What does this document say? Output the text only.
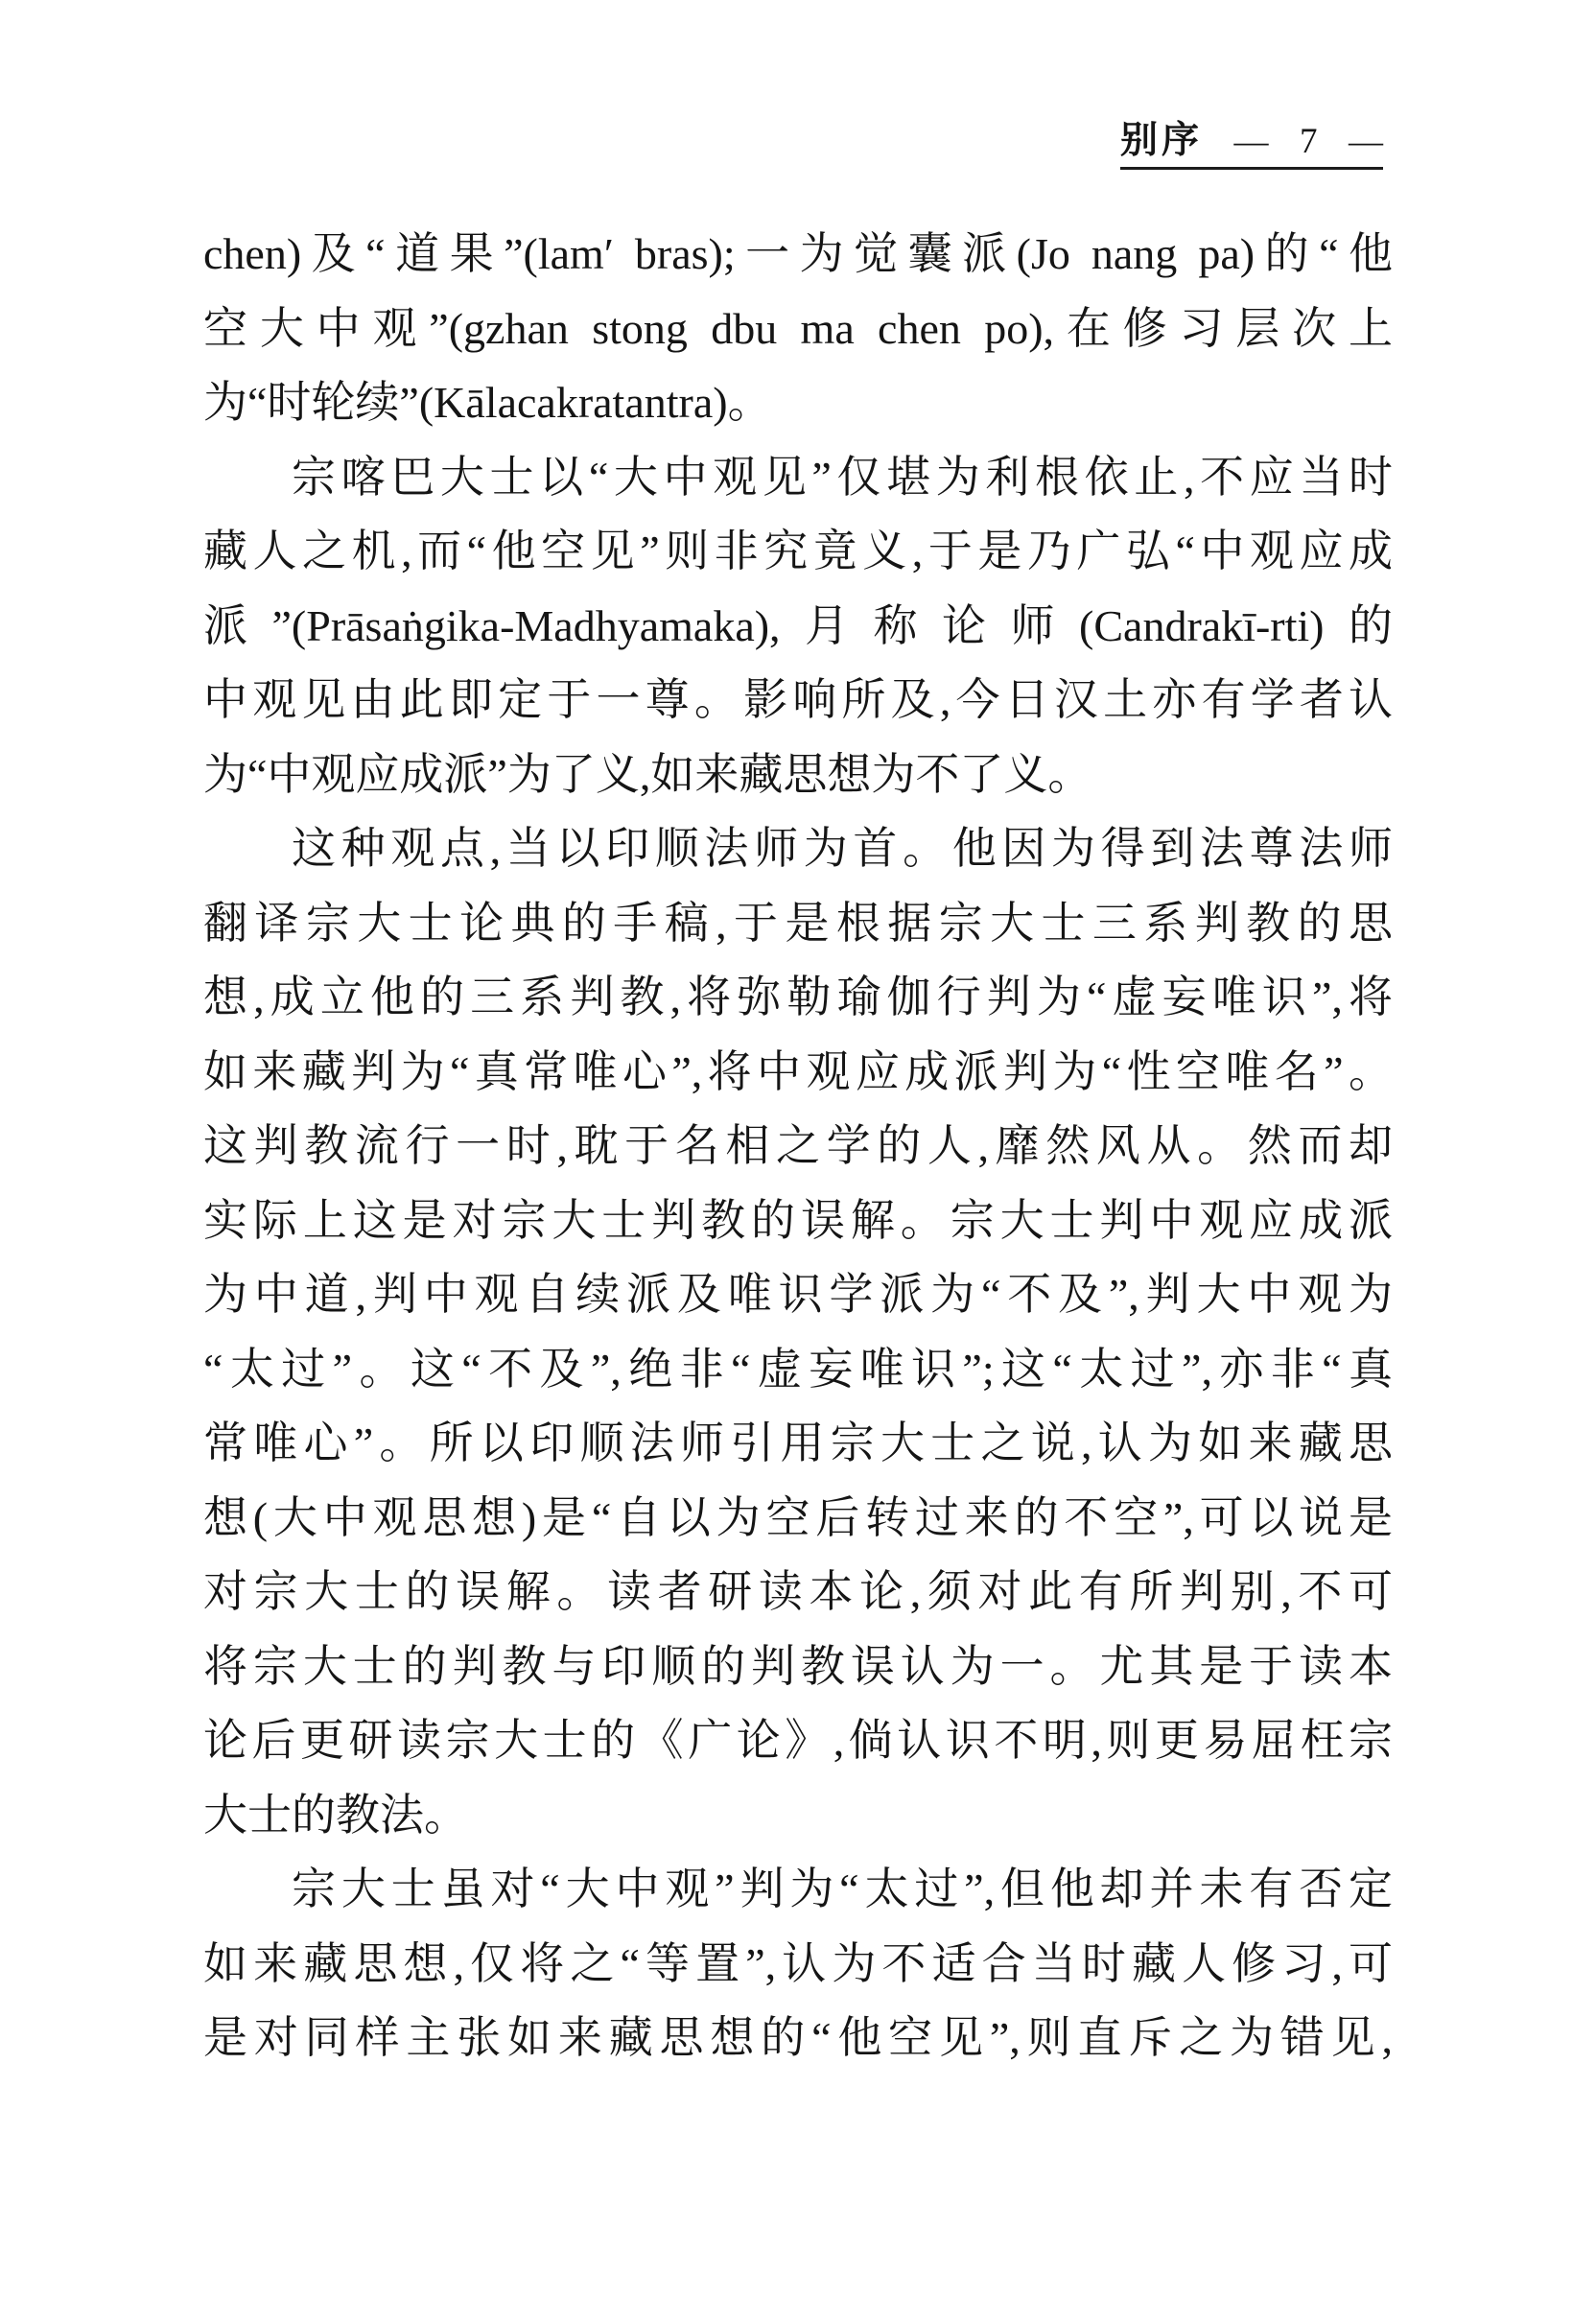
别序 — 7 —
chen)及“道果”(lam′ bras);一为觉囊派(Jo nang pa)的“他
空大中观”(gzhan stong dbu ma chen po),在修习层次上
为“时轮续”(Kālacakratantra)。
宗喀巴大士以“大中观见”仅堪为利根依止,不应当时
藏人之机,而“他空见”则非究竟义,于是乃广弘“中观应成
派”(Prāsaṅgika-Madhyamaka),月称论师(Candrakī-rti)的
中观见由此即定于一尊。影响所及,今日汉土亦有学者认
为“中观应成派”为了义,如来藏思想为不了义。
这种观点,当以印顺法师为首。他因为得到法尊法师
翻译宗大士论典的手稿,于是根据宗大士三系判教的思
想,成立他的三系判教,将弥勒瑜伽行判为“虚妄唯识”,将
如来藏判为“真常唯心”,将中观应成派判为“性空唯名”。
这判教流行一时,耽于名相之学的人,靡然风从。然而却
实际上这是对宗大士判教的误解。宗大士判中观应成派
为中道,判中观自续派及唯识学派为“不及”,判大中观为
“太过”。这“不及”,绝非“虚妄唯识”;这“太过”,亦非“真
常唯心”。所以印顺法师引用宗大士之说,认为如来藏思
想(大中观思想)是“自以为空后转过来的不空”,可以说是
对宗大士的误解。读者研读本论,须对此有所判别,不可
将宗大士的判教与印顺的判教误认为一。尤其是于读本
论后更研读宗大士的《广论》,倘认识不明,则更易屈枉宗
大士的教法。
宗大士虽对“大中观”判为“太过”,但他却并未有否定
如来藏思想,仅将之“等置”,认为不适合当时藏人修习,可
是对同样主张如来藏思想的“他空见”,则直斥之为错见,
